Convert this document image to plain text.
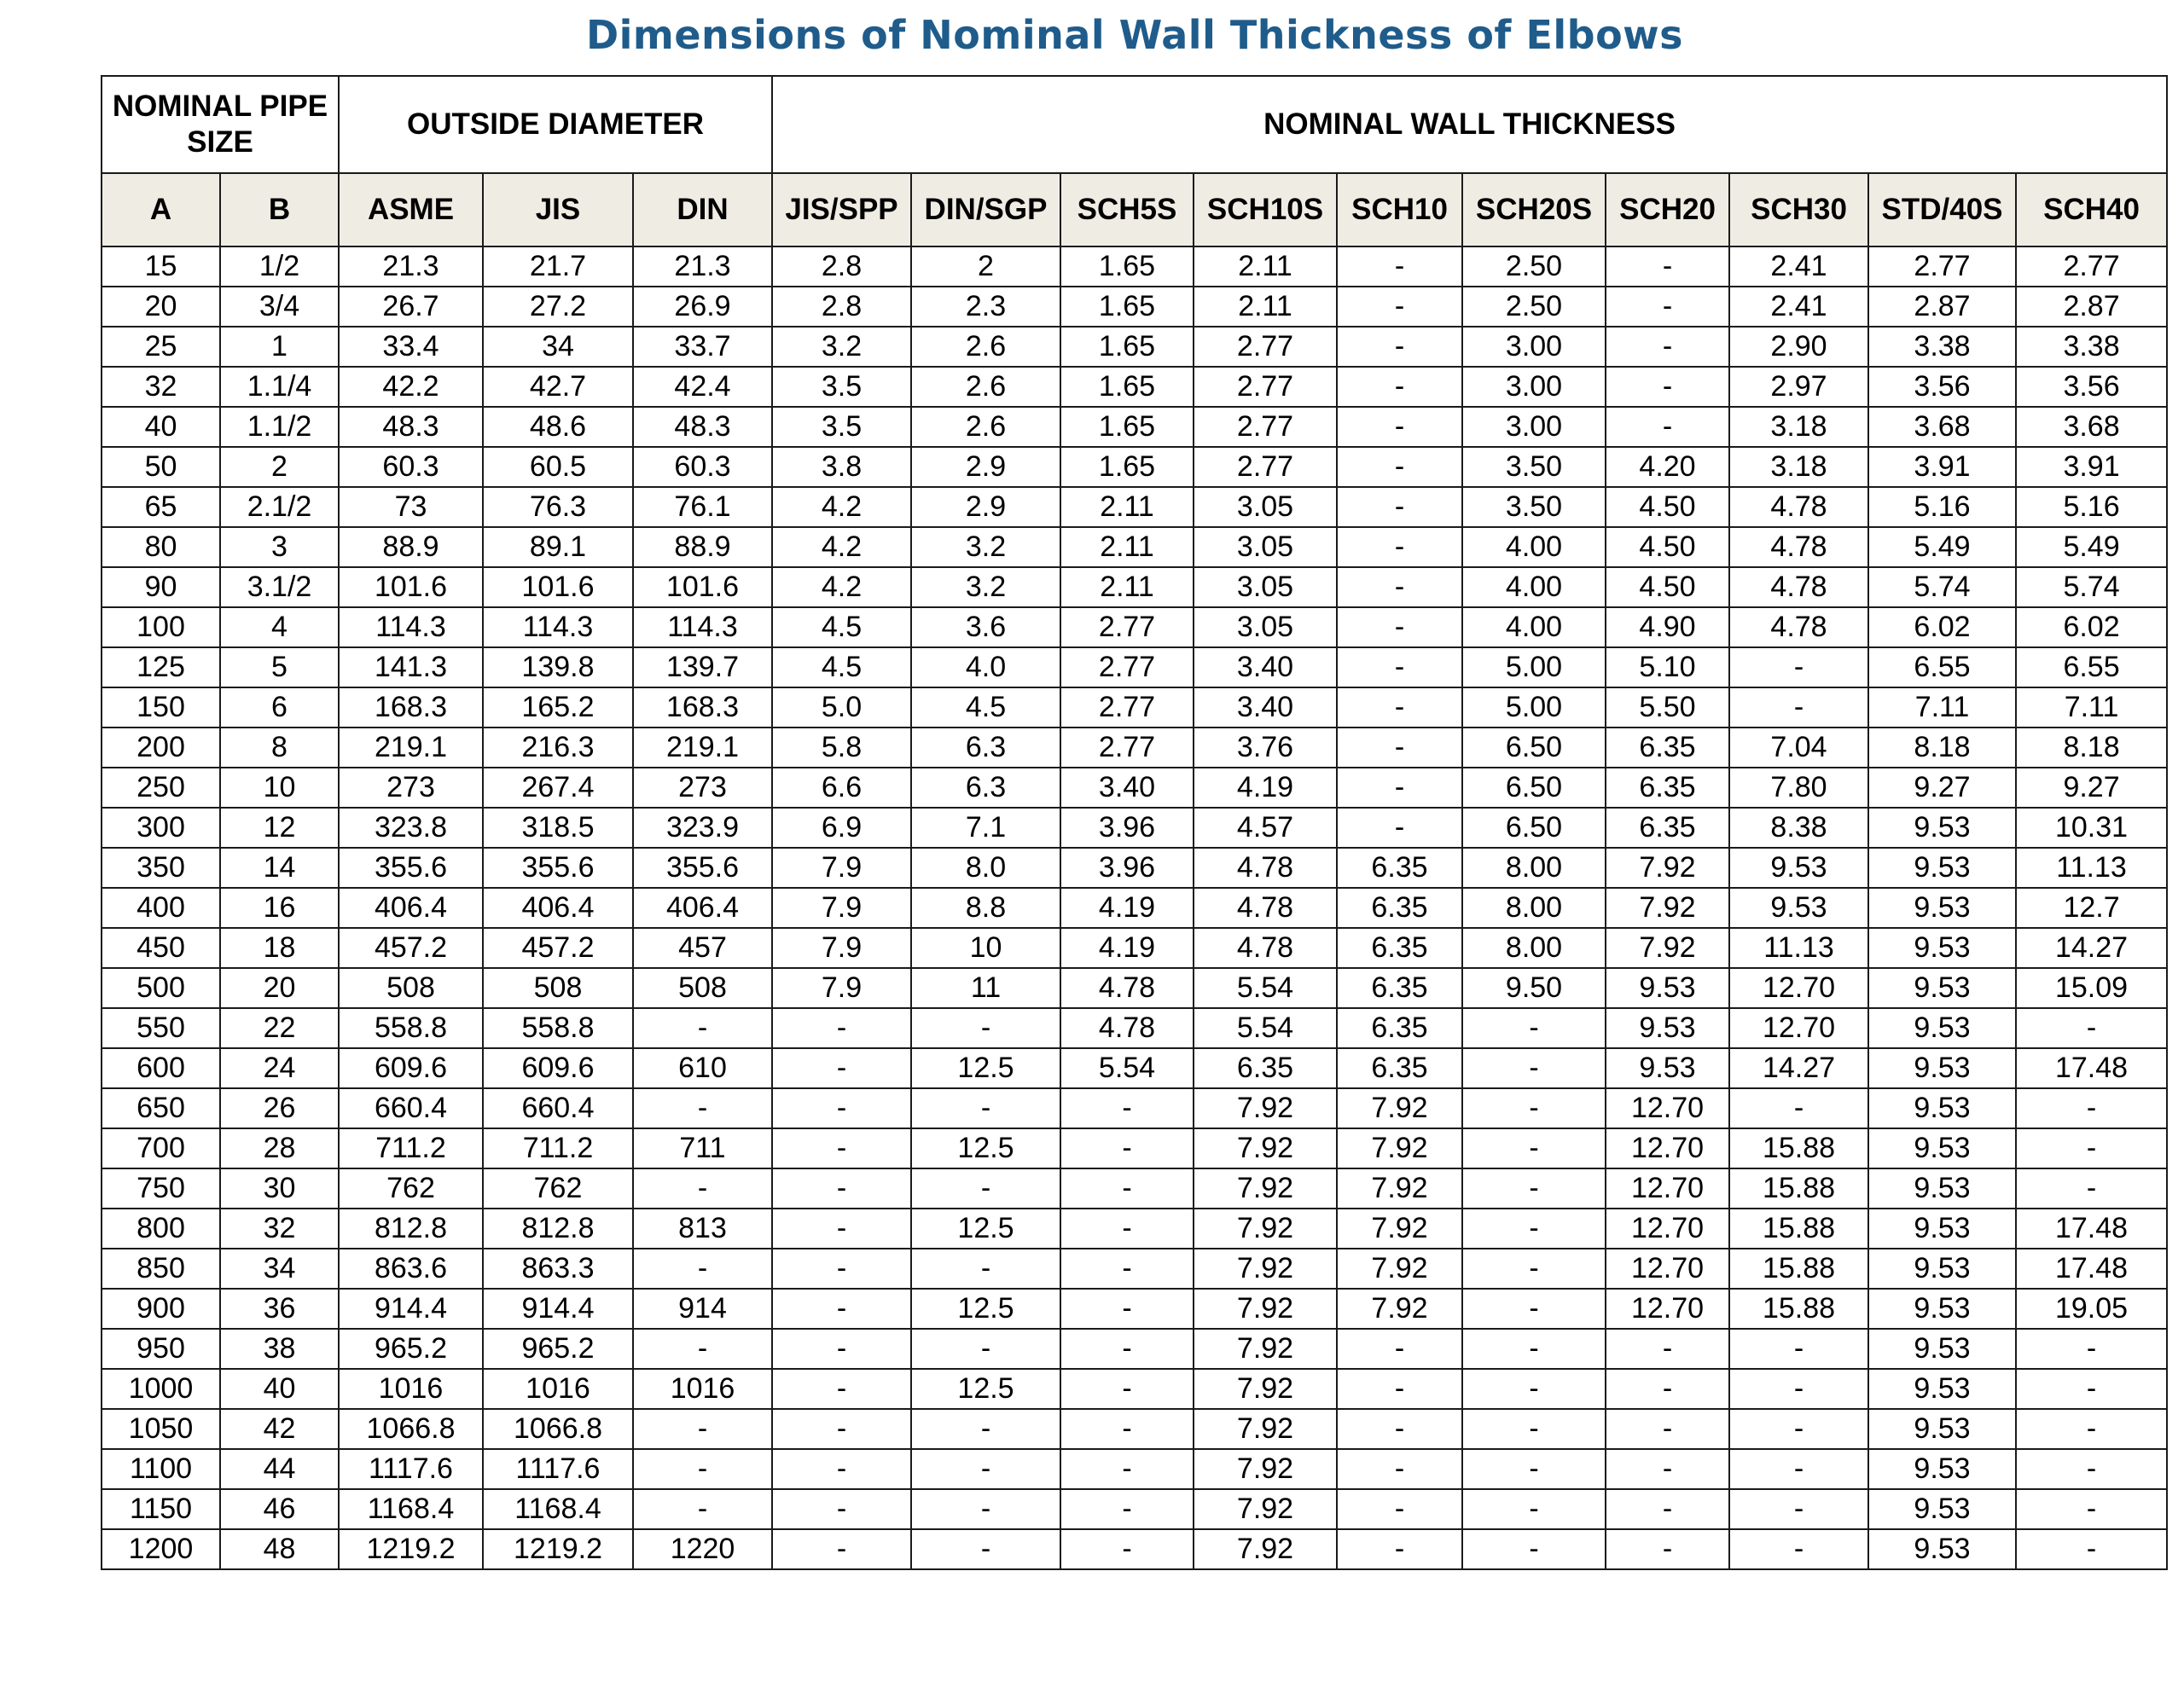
Dimensions of Nominal Wall Thickness of Elbows
NOMINAL PIPE SIZE		OUTSIDE DIAMETER			NOMINAL WALL THICKNESS									
A	B	ASME	JIS	DIN	JIS/SPP	DIN/SGP	SCH5S	SCH10S	SCH10	SCH20S	SCH20	SCH30	STD/40S	SCH40
15	1/2	21.3	21.7	21.3	2.8	2	1.65	2.11	-	2.50	-	2.41	2.77	2.77
20	3/4	26.7	27.2	26.9	2.8	2.3	1.65	2.11	-	2.50	-	2.41	2.87	2.87
25	1	33.4	34	33.7	3.2	2.6	1.65	2.77	-	3.00	-	2.90	3.38	3.38
32	1.1/4	42.2	42.7	42.4	3.5	2.6	1.65	2.77	-	3.00	-	2.97	3.56	3.56
40	1.1/2	48.3	48.6	48.3	3.5	2.6	1.65	2.77	-	3.00	-	3.18	3.68	3.68
50	2	60.3	60.5	60.3	3.8	2.9	1.65	2.77	-	3.50	4.20	3.18	3.91	3.91
65	2.1/2	73	76.3	76.1	4.2	2.9	2.11	3.05	-	3.50	4.50	4.78	5.16	5.16
80	3	88.9	89.1	88.9	4.2	3.2	2.11	3.05	-	4.00	4.50	4.78	5.49	5.49
90	3.1/2	101.6	101.6	101.6	4.2	3.2	2.11	3.05	-	4.00	4.50	4.78	5.74	5.74
100	4	114.3	114.3	114.3	4.5	3.6	2.77	3.05	-	4.00	4.90	4.78	6.02	6.02
125	5	141.3	139.8	139.7	4.5	4.0	2.77	3.40	-	5.00	5.10	-	6.55	6.55
150	6	168.3	165.2	168.3	5.0	4.5	2.77	3.40	-	5.00	5.50	-	7.11	7.11
200	8	219.1	216.3	219.1	5.8	6.3	2.77	3.76	-	6.50	6.35	7.04	8.18	8.18
250	10	273	267.4	273	6.6	6.3	3.40	4.19	-	6.50	6.35	7.80	9.27	9.27
300	12	323.8	318.5	323.9	6.9	7.1	3.96	4.57	-	6.50	6.35	8.38	9.53	10.31
350	14	355.6	355.6	355.6	7.9	8.0	3.96	4.78	6.35	8.00	7.92	9.53	9.53	11.13
400	16	406.4	406.4	406.4	7.9	8.8	4.19	4.78	6.35	8.00	7.92	9.53	9.53	12.7
450	18	457.2	457.2	457	7.9	10	4.19	4.78	6.35	8.00	7.92	11.13	9.53	14.27
500	20	508	508	508	7.9	11	4.78	5.54	6.35	9.50	9.53	12.70	9.53	15.09
550	22	558.8	558.8	-	-	-	4.78	5.54	6.35	-	9.53	12.70	9.53	-
600	24	609.6	609.6	610	-	12.5	5.54	6.35	6.35	-	9.53	14.27	9.53	17.48
650	26	660.4	660.4	-	-	-	-	7.92	7.92	-	12.70	-	9.53	-
700	28	711.2	711.2	711	-	12.5	-	7.92	7.92	-	12.70	15.88	9.53	-
750	30	762	762	-	-	-	-	7.92	7.92	-	12.70	15.88	9.53	-
800	32	812.8	812.8	813	-	12.5	-	7.92	7.92	-	12.70	15.88	9.53	17.48
850	34	863.6	863.3	-	-	-	-	7.92	7.92	-	12.70	15.88	9.53	17.48
900	36	914.4	914.4	914	-	12.5	-	7.92	7.92	-	12.70	15.88	9.53	19.05
950	38	965.2	965.2	-	-	-	-	7.92	-	-	-	-	9.53	-
1000	40	1016	1016	1016	-	12.5	-	7.92	-	-	-	-	9.53	-
1050	42	1066.8	1066.8	-	-	-	-	7.92	-	-	-	-	9.53	-
1100	44	1117.6	1117.6	-	-	-	-	7.92	-	-	-	-	9.53	-
1150	46	1168.4	1168.4	-	-	-	-	7.92	-	-	-	-	9.53	-
1200	48	1219.2	1219.2	1220	-	-	-	7.92	-	-	-	-	9.53	-
